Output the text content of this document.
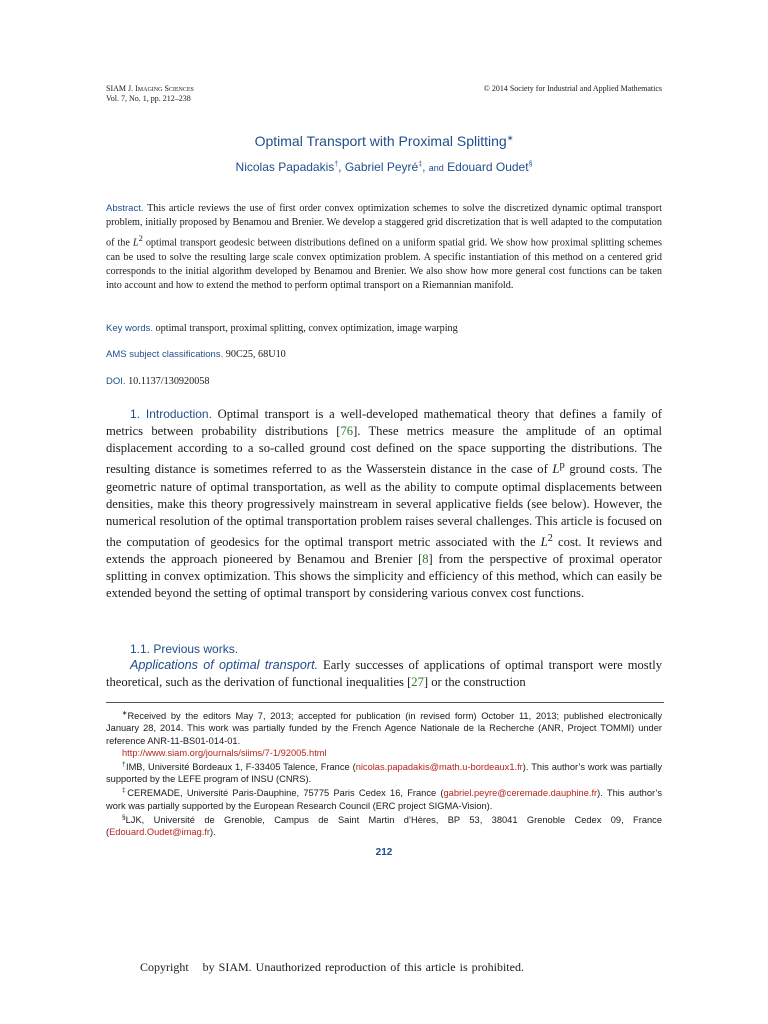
SIAM J. Imaging Sciences
Vol. 7, No. 1, pp. 212–238
© 2014 Society for Industrial and Applied Mathematics
Optimal Transport with Proximal Splitting∗
Nicolas Papadakis†, Gabriel Peyré‡, and Edouard Oudet§
Abstract. This article reviews the use of first order convex optimization schemes to solve the discretized dynamic optimal transport problem, initially proposed by Benamou and Brenier. We develop a staggered grid discretization that is well adapted to the computation of the $L^2$ optimal transport geodesic between distributions defined on a uniform spatial grid. We show how proximal splitting schemes can be used to solve the resulting large scale convex optimization problem. A specific instantiation of this method on a centered grid corresponds to the initial algorithm developed by Benamou and Brenier. We also show how more general cost functions can be taken into account and how to extend the method to perform optimal transport on a Riemannian manifold.
Key words. optimal transport, proximal splitting, convex optimization, image warping
AMS subject classifications. 90C25, 68U10
DOI. 10.1137/130920058
1. Introduction. Optimal transport is a well-developed mathematical theory that defines a family of metrics between probability distributions [76]. These metrics measure the amplitude of an optimal displacement according to a so-called ground cost defined on the space supporting the distributions. The resulting distance is sometimes referred to as the Wasserstein distance in the case of $L^p$ ground costs. The geometric nature of optimal transportation, as well as the ability to compute optimal displacements between densities, make this theory progressively mainstream in several applicative fields (see below). However, the numerical resolution of the optimal transportation problem raises several challenges. This article is focused on the computation of geodesics for the optimal transport metric associated with the $L^2$ cost. It reviews and extends the approach pioneered by Benamou and Brenier [8] from the perspective of proximal operator splitting in convex optimization. This shows the simplicity and efficiency of this method, which can easily be extended beyond the setting of optimal transport by considering various convex cost functions.
1.1. Previous works.
Applications of optimal transport. Early successes of applications of optimal transport were mostly theoretical, such as the derivation of functional inequalities [27] or the construction

∗Received by the editors May 7, 2013; accepted for publication (in revised form) October 11, 2013; published electronically January 28, 2014. This work was partially funded by the French Agence Nationale de la Recherche (ANR, Project TOMMI) under reference ANR-11-BS01-014-01.
http://www.siam.org/journals/siims/7-1/92005.html

†IMB, Université Bordeaux 1, F-33405 Talence, France (nicolas.papadakis@math.u-bordeaux1.fr). This author’s work was partially supported by the LEFE program of INSU (CNRS).

‡CEREMADE, Université Paris-Dauphine, 75775 Paris Cedex 16, France (gabriel.peyre@ceremade.dauphine.fr). This author’s work was partially supported by the European Research Council (ERC project SIGMA-Vision).

§LJK, Université de Grenoble, Campus de Saint Martin d’Hères, BP 53, 38041 Grenoble Cedex 09, France (Edouard.Oudet@imag.fr).

212
Copyright by SIAM. Unauthorized reproduction of this article is prohibited.
